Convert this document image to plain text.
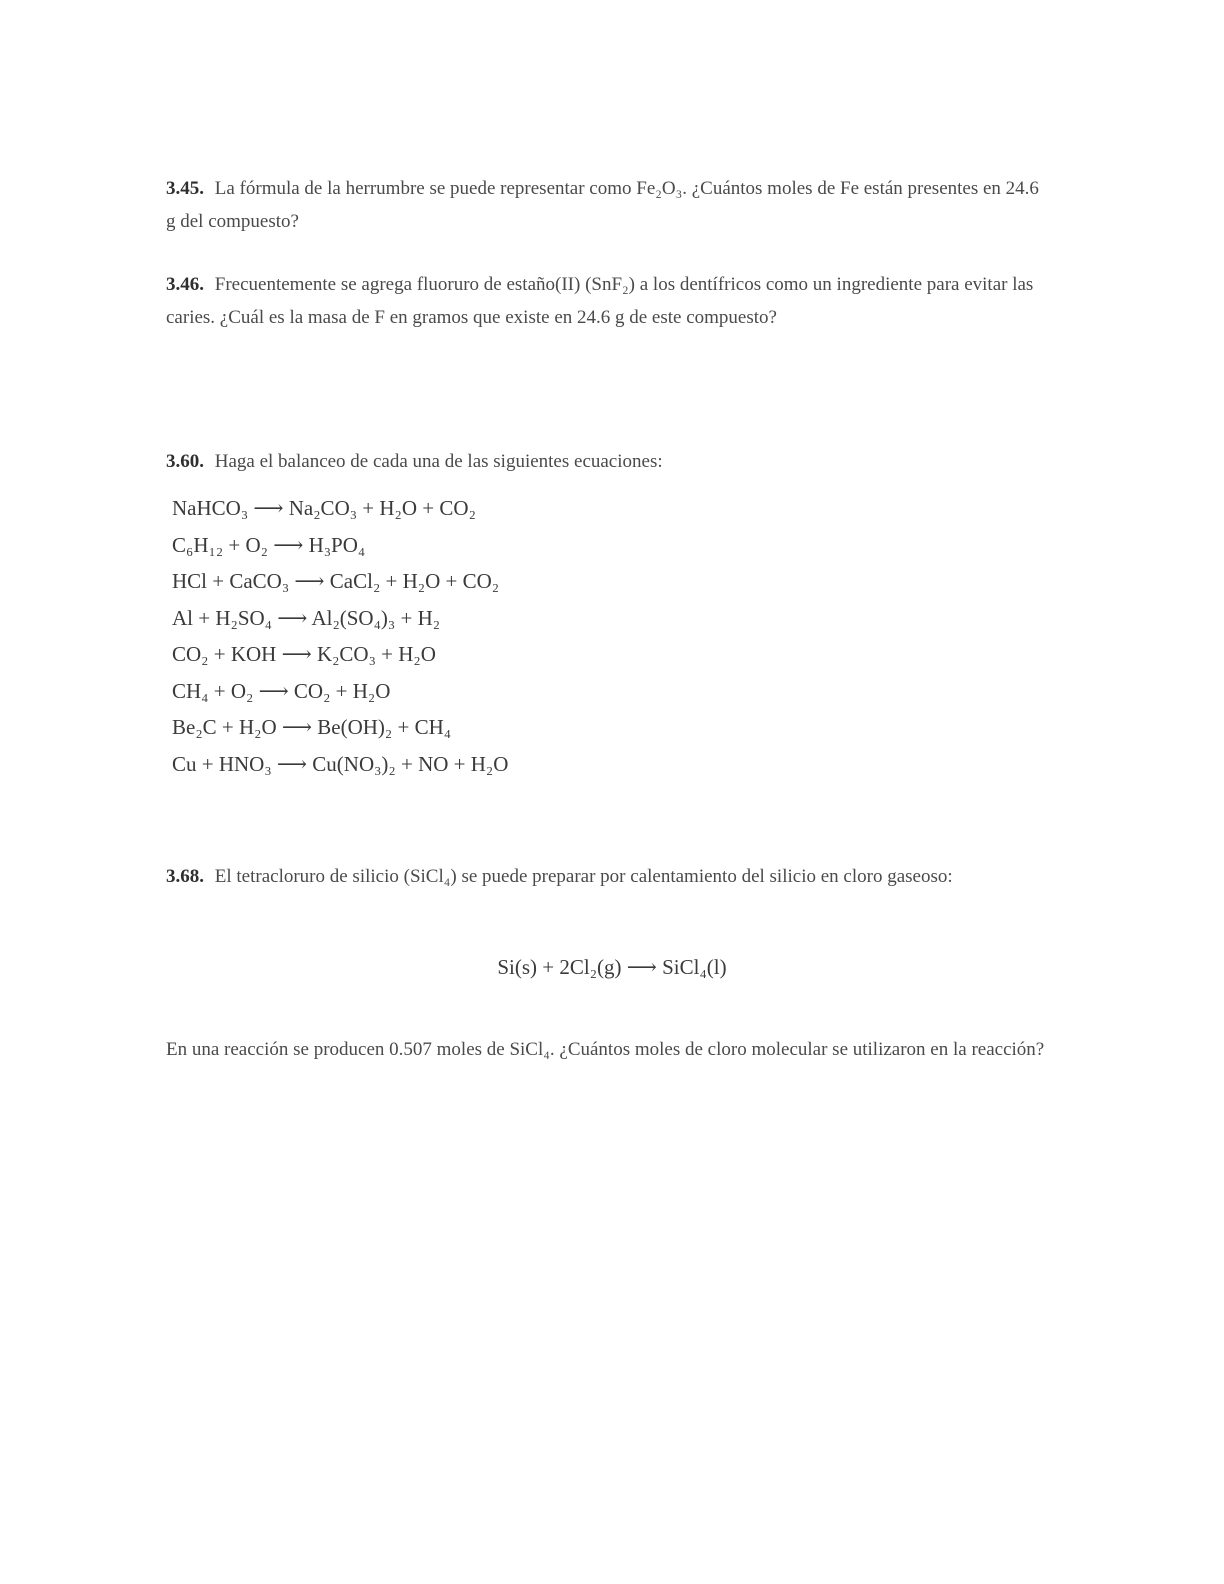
3.45. La fórmula de la herrumbre se puede representar como Fe₂O₃. ¿Cuántos moles de Fe están presentes en 24.6 g del compuesto?
3.46. Frecuentemente se agrega fluoruro de estaño(II) (SnF₂) a los dentífricos como un ingrediente para evitar las caries. ¿Cuál es la masa de F en gramos que existe en 24.6 g de este compuesto?
3.60. Haga el balanceo de cada una de las siguientes ecuaciones:
NaHCO₃ ⟶ Na₂CO₃ + H₂O + CO₂
C₆H₁₂ + O₂ ⟶ H₃PO₄
HCl + CaCO₃ ⟶ CaCl₂ + H₂O + CO₂
Al + H₂SO₄ ⟶ Al₂(SO₄)₃ + H₂
CO₂ + KOH ⟶ K₂CO₃ + H₂O
CH₄ + O₂ ⟶ CO₂ + H₂O
Be₂C + H₂O ⟶ Be(OH)₂ + CH₄
Cu + HNO₃ ⟶ Cu(NO₃)₂ + NO + H₂O
3.68. El tetracloruro de silicio (SiCl₄) se puede preparar por calentamiento del silicio en cloro gaseoso:
Si(s) + 2Cl₂(g) ⟶ SiCl₄(l)
En una reacción se producen 0.507 moles de SiCl₄. ¿Cuántos moles de cloro molecular se utilizaron en la reacción?
